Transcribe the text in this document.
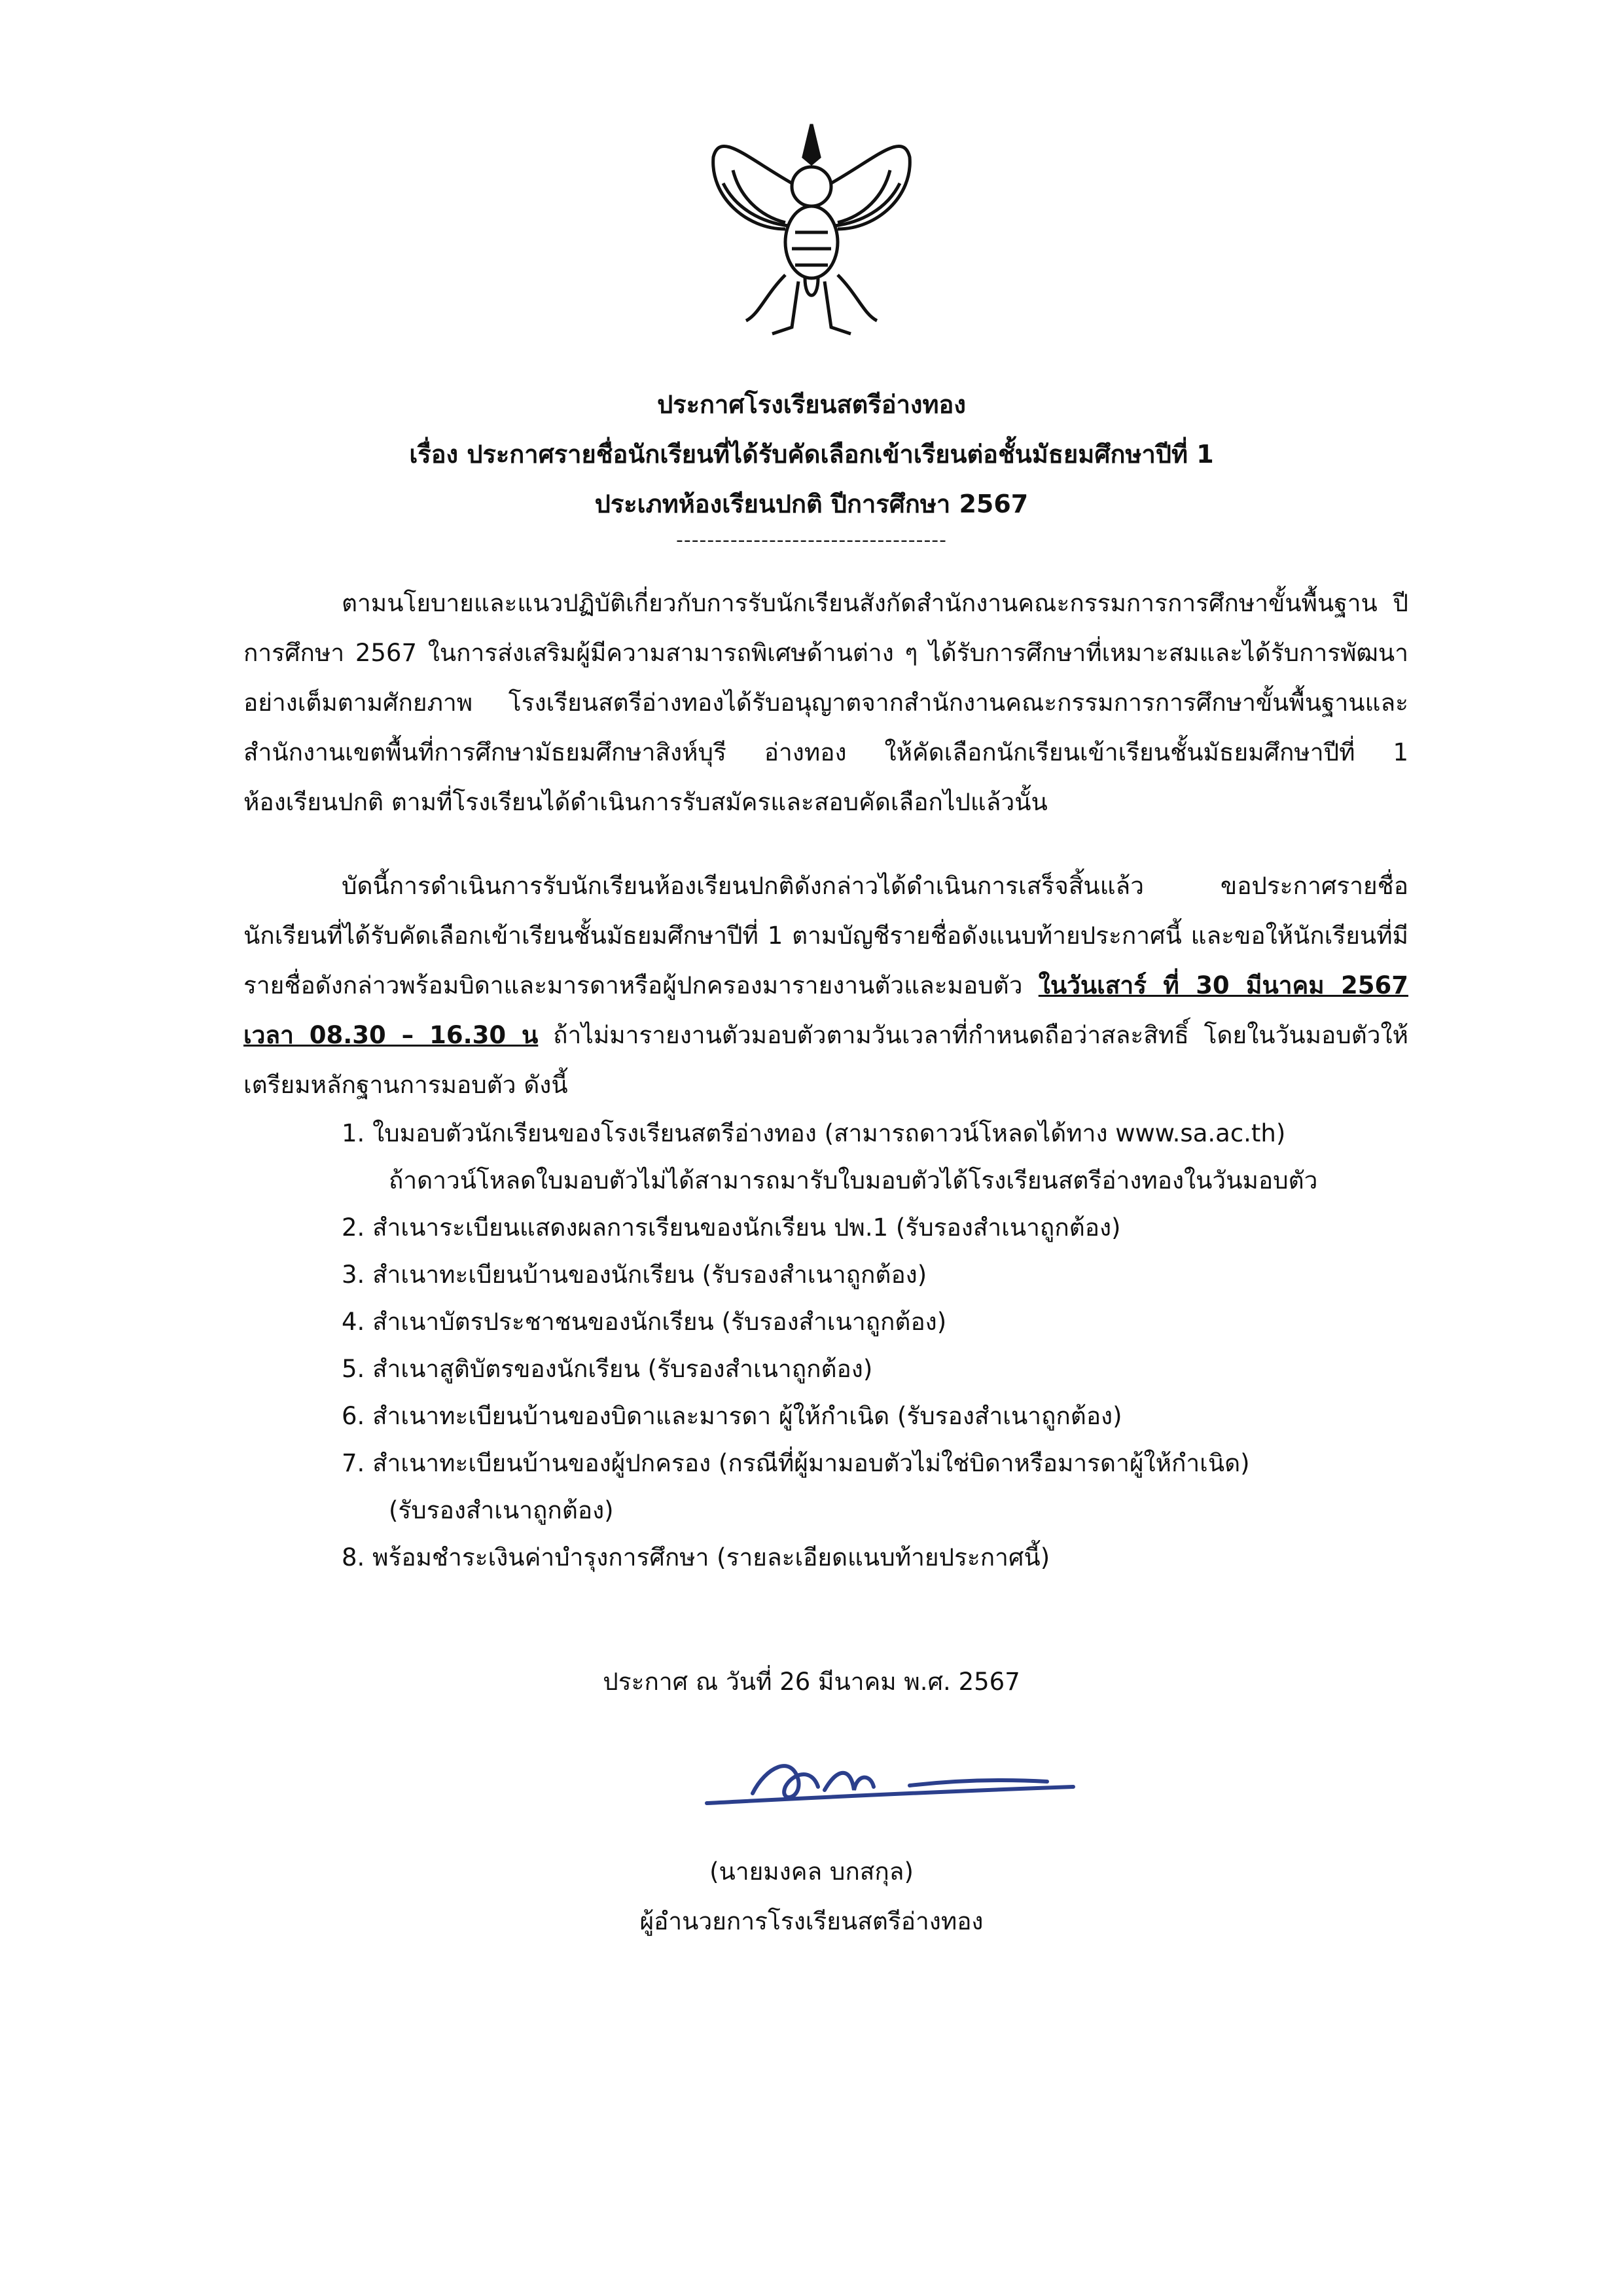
ประกาศโรงเรียนสตรีอ่างทอง
เรื่อง ประกาศรายชื่อนักเรียนที่ได้รับคัดเลือกเข้าเรียนต่อชั้นมัธยมศึกษาปีที่ 1
ประเภทห้องเรียนปกติ ปีการศึกษา 2567
-----------------------------------
ตามนโยบายและแนวปฏิบัติเกี่ยวกับการรับนักเรียนสังกัดสำนักงานคณะกรรมการการศึกษาขั้นพื้นฐาน ปีการศึกษา 2567 ในการส่งเสริมผู้มีความสามารถพิเศษด้านต่าง ๆ ได้รับการศึกษาที่เหมาะสมและได้รับการพัฒนาอย่างเต็มตามศักยภาพ โรงเรียนสตรีอ่างทองได้รับอนุญาตจากสำนักงานคณะกรรมการการศึกษาขั้นพื้นฐานและสำนักงานเขตพื้นที่การศึกษามัธยมศึกษาสิงห์บุรี อ่างทอง ให้คัดเลือกนักเรียนเข้าเรียนชั้นมัธยมศึกษาปีที่ 1 ห้องเรียนปกติ ตามที่โรงเรียนได้ดำเนินการรับสมัครและสอบคัดเลือกไปแล้วนั้น
บัดนี้การดำเนินการรับนักเรียนห้องเรียนปกติดังกล่าวได้ดำเนินการเสร็จสิ้นแล้ว ขอประกาศรายชื่อนักเรียนที่ได้รับคัดเลือกเข้าเรียนชั้นมัธยมศึกษาปีที่ 1 ตามบัญชีรายชื่อดังแนบท้ายประกาศนี้ และขอให้นักเรียนที่มีรายชื่อดังกล่าวพร้อมบิดาและมารดาหรือผู้ปกครองมารายงานตัวและมอบตัว ในวันเสาร์ ที่ 30 มีนาคม 2567 เวลา 08.30 – 16.30 น ถ้าไม่มารายงานตัวมอบตัวตามวันเวลาที่กำหนดถือว่าสละสิทธิ์ โดยในวันมอบตัวให้เตรียมหลักฐานการมอบตัว ดังนี้
1. ใบมอบตัวนักเรียนของโรงเรียนสตรีอ่างทอง (สามารถดาวน์โหลดได้ทาง www.sa.ac.th)
ถ้าดาวน์โหลดใบมอบตัวไม่ได้สามารถมารับใบมอบตัวได้โรงเรียนสตรีอ่างทองในวันมอบตัว
2. สำเนาระเบียนแสดงผลการเรียนของนักเรียน ปพ.1 (รับรองสำเนาถูกต้อง)
3. สำเนาทะเบียนบ้านของนักเรียน (รับรองสำเนาถูกต้อง)
4. สำเนาบัตรประชาชนของนักเรียน (รับรองสำเนาถูกต้อง)
5. สำเนาสูติบัตรของนักเรียน (รับรองสำเนาถูกต้อง)
6. สำเนาทะเบียนบ้านของบิดาและมารดา ผู้ให้กำเนิด (รับรองสำเนาถูกต้อง)
7. สำเนาทะเบียนบ้านของผู้ปกครอง (กรณีที่ผู้มามอบตัวไม่ใช่บิดาหรือมารดาผู้ให้กำเนิด)
(รับรองสำเนาถูกต้อง)
8. พร้อมชำระเงินค่าบำรุงการศึกษา (รายละเอียดแนบท้ายประกาศนี้)
ประกาศ ณ วันที่ 26 มีนาคม พ.ศ. 2567
(นายมงคล บกสกุล)
ผู้อำนวยการโรงเรียนสตรีอ่างทอง
